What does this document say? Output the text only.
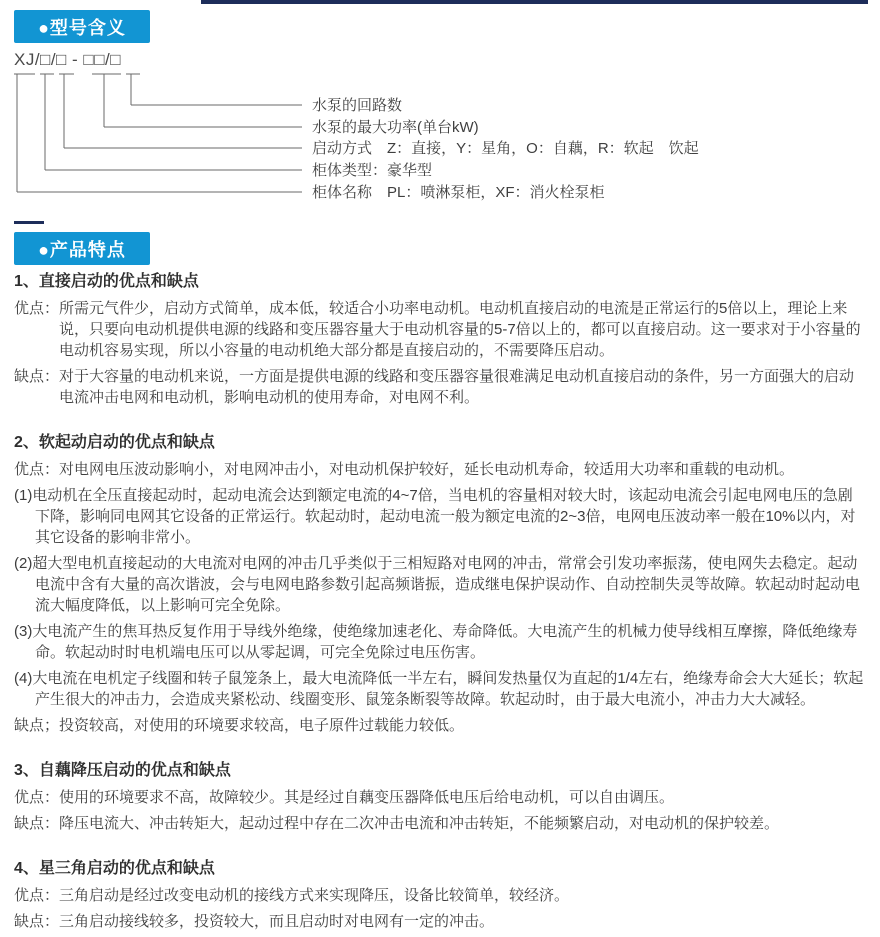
●型号含义
XJ/□/□ - □□/□
水泵的回路数
水泵的最大功率(单台kW)
启动方式　Z：直接，Y：星角，O：自藕，R：软起　饮起
柜体类型：豪华型
柜体名称　PL：喷淋泵柜，XF：消火栓泵柜
●产品特点
1、直接启动的优点和缺点
优点：所需元气件少，启动方式简单，成本低，较适合小功率电动机。电动机直接启动的电流是正常运行的5倍以上，理论上来说，只要向电动机提供电源的线路和变压器容量大于电动机容量的5-7倍以上的，都可以直接启动。这一要求对于小容量的电动机容易实现，所以小容量的电动机绝大部分都是直接启动的，不需要降压启动。
缺点：对于大容量的电动机来说，一方面是提供电源的线路和变压器容量很难满足电动机直接启动的条件，另一方面强大的启动电流冲击电网和电动机，影响电动机的使用寿命，对电网不利。
2、软起动启动的优点和缺点
优点：对电网电压波动影响小，对电网冲击小，对电动机保护较好，延长电动机寿命，较适用大功率和重载的电动机。
(1)电动机在全压直接起动时，起动电流会达到额定电流的4~7倍，当电机的容量相对较大时，该起动电流会引起电网电压的急剧下降，影响同电网其它设备的正常运行。软起动时，起动电流一般为额定电流的2~3倍，电网电压波动率一般在10%以内，对其它设备的影响非常小。
(2)超大型电机直接起动的大电流对电网的冲击几乎类似于三相短路对电网的冲击，常常会引发功率振荡，使电网失去稳定。起动电流中含有大量的高次谐波，会与电网电路参数引起高频谐振，造成继电保护误动作、自动控制失灵等故障。软起动时起动电流大幅度降低，以上影响可完全免除。
(3)大电流产生的焦耳热反复作用于导线外绝缘，使绝缘加速老化、寿命降低。大电流产生的机械力使导线相互摩擦，降低绝缘寿命。软起动时时电机端电压可以从零起调，可完全免除过电压伤害。
(4)大电流在电机定子线圈和转子鼠笼条上，最大电流降低一半左右，瞬间发热量仅为直起的1/4左右，绝缘寿命会大大延长；软起产生很大的冲击力，会造成夹紧松动、线圈变形、鼠笼条断裂等故障。软起动时，由于最大电流小，冲击力大大减轻。
缺点；投资较高，对使用的环境要求较高，电子原件过载能力较低。
3、自藕降压启动的优点和缺点
优点：使用的环境要求不高，故障较少。其是经过自藕变压器降低电压后给电动机，可以自由调压。
缺点：降压电流大、冲击转矩大，起动过程中存在二次冲击电流和冲击转矩，不能频繁启动，对电动机的保护较差。
4、星三角启动的优点和缺点
优点：三角启动是经过改变电动机的接线方式来实现降压，设备比较简单，较经济。
缺点：三角启动接线较多，投资较大，而且启动时对电网有一定的冲击。
